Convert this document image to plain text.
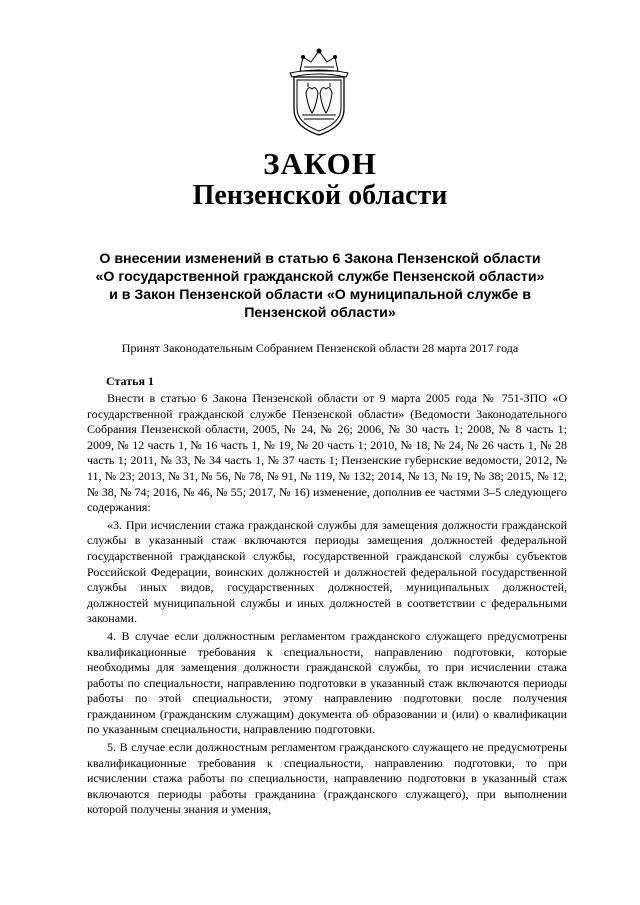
ЗАКОН
Пензенской области
О внесении изменений в статью 6 Закона Пензенской области
«О государственной гражданской службе Пензенской области»
и в Закон Пензенской области «О муниципальной службе в
Пензенской области»
Принят Законодательным Собранием Пензенской области 28 марта 2017 года
Статья 1

Внести в статью 6 Закона Пензенской области от 9 марта 2005 года № 751-ЗПО «О государственной гражданской службе Пензенской области» (Ведомости Законодательного Собрания Пензенской области, 2005, № 24, № 26; 2006, № 30 часть 1; 2008, № 8 часть 1; 2009, № 12 часть 1, № 16 часть 1, № 19, № 20 часть 1; 2010, № 18, № 24, № 26 часть 1, № 28 часть 1; 2011, № 33, № 34 часть 1, № 37 часть 1; Пензенские губернские ведомости, 2012, № 11, № 23; 2013, № 31, № 56, № 78, № 91, № 119, № 132; 2014, № 13, № 19, № 38; 2015, № 12, № 38, № 74; 2016, № 46, № 55; 2017, № 16) изменение, дополнив ее частями 3–5 следующего содержания:

«3. При исчислении стажа гражданской службы для замещения должности гражданской службы в указанный стаж включаются периоды замещения должностей федеральной государственной гражданской службы, государственной гражданской службы субъектов Российской Федерации, воинских должностей и должностей федеральной государственной службы иных видов, государственных должностей, муниципальных должностей, должностей муниципальной службы и иных должностей в соответствии с федеральными законами.

4. В случае если должностным регламентом гражданского служащего предусмотрены квалификационные требования к специальности, направлению подготовки, которые необходимы для замещения должности гражданской службы, то при исчислении стажа работы по специальности, направлению подготовки в указанный стаж включаются периоды работы по этой специальности, этому направлению подготовки после получения гражданином (гражданским служащим) документа об образовании и (или) о квалификации по указанным специальности, направлению подготовки.

5. В случае если должностным регламентом гражданского служащего не предусмотрены квалификационные требования к специальности, направлению подготовки, то при исчислении стажа работы по специальности, направлению подготовки в указанный стаж включаются периоды работы гражданина (гражданского служащего), при выполнении которой получены знания и умения,
